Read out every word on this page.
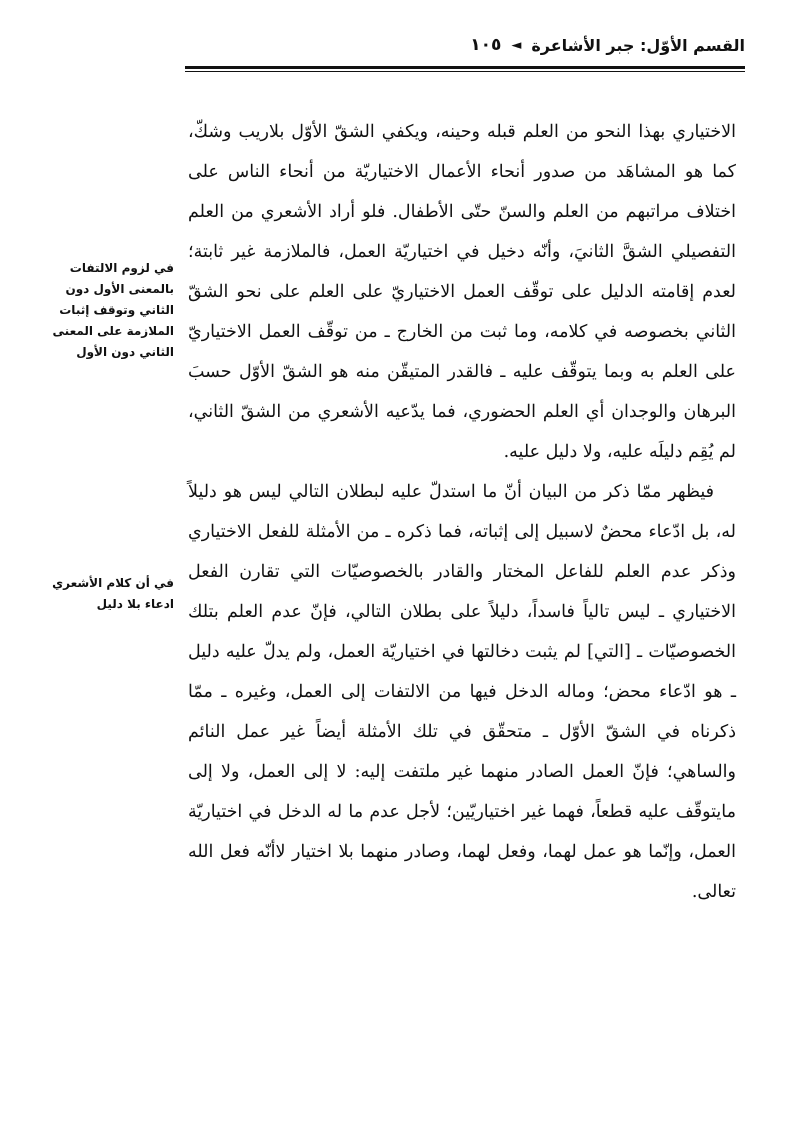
القسم الأوّل: جبر الأشاعرة
◄
١٠٥
في لزوم الالتفات بالمعنى الأول دون الثاني وتوقف إثبات الملازمة على المعنى الثاني دون الأول
في أن كلام الأشعري ادعاء بلا دليل

الاختياري بهذا النحو من العلم قبله وحينه، ويكفي الشقّ الأوّل بلاريب وشكّ، كما هو المشاهَد من صدور أنحاء الأعمال الاختياريّة من أنحاء الناس على اختلاف مراتبهم من العلم والسنّ حتّى الأطفال. فلو أراد الأشعري من العلم التفصيلي الشقَّ الثانيَ، وأنّه دخيل في اختياريّة العمل، فالملازمة غير ثابتة؛ لعدم إقامته الدليل على توقّف العمل الاختياريّ على العلم على نحو الشقّ الثاني بخصوصه في كلامه، وما ثبت من الخارج ـ من توقّف العمل الاختياريّ على العلم به وبما يتوقّف عليه ـ فالقدر المتيقّن منه هو الشقّ الأوّل حسبَ البرهان والوجدان أي العلم الحضوري، فما يدّعيه الأشعري من الشقّ الثاني، لم يُقِم دليلَه عليه، ولا دليل عليه.

فيظهر ممّا ذكر من البيان أنّ ما استدلّ عليه لبطلان التالي ليس هو دليلاً له، بل ادّعاء محضٌ لاسبيل إلى إثباته، فما ذكره ـ من الأمثلة للفعل الاختياري وذكر عدم العلم للفاعل المختار والقادر بالخصوصيّات التي تقارن الفعل الاختياري ـ ليس تالياً فاسداً، دليلاً على بطلان التالي، فإنّ عدم العلم بتلك الخصوصيّات ـ [التي] لم يثبت دخالتها في اختياريّة العمل، ولم يدلّ عليه دليل ـ هو ادّعاء محض؛ وماله الدخل فيها من الالتفات إلى العمل، وغيره ـ ممّا ذكرناه في الشقّ الأوّل ـ متحقّق في تلك الأمثلة أيضاً غير عمل النائم والساهي؛ فإنّ العمل الصادر منهما غير ملتفت إليه: لا إلى العمل، ولا إلى مايتوقّف عليه قطعاً، فهما غير اختياريّين؛ لأجل عدم ما له الدخل في اختياريّة العمل، وإنّما هو عمل لهما، وفعل لهما، وصادر منهما بلا اختيار لاأنّه فعل الله تعالى.
